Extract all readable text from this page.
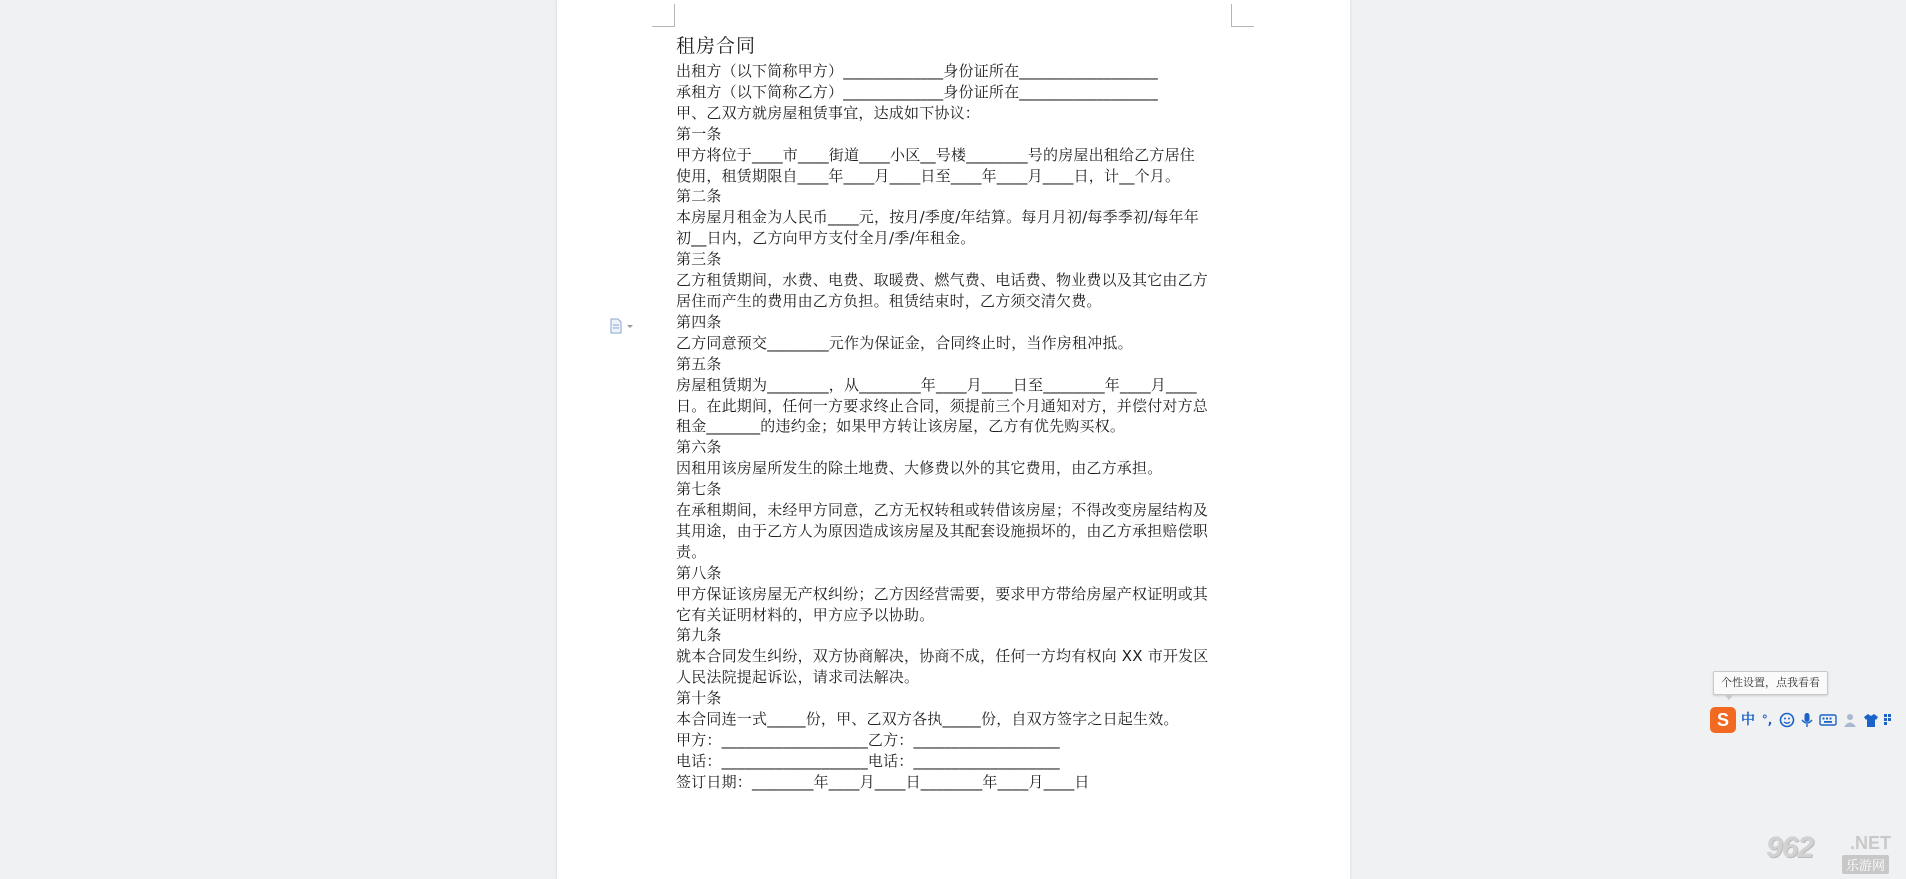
租房合同
出租方（以下简称甲方）_____________身份证所在__________________
承租方（以下简称乙方）_____________身份证所在__________________
甲、乙双方就房屋租赁事宜，达成如下协议：
第一条
甲方将位于____市____街道____小区__号楼________号的房屋出租给乙方居住
使用，租赁期限自____年____月____日至____年____月____日，计__个月。
第二条
本房屋月租金为人民币____元，按月/季度/年结算。每月月初/每季季初/每年年
初__日内，乙方向甲方支付全月/季/年租金。
第三条
乙方租赁期间，水费、电费、取暖费、燃气费、电话费、物业费以及其它由乙方
居住而产生的费用由乙方负担。租赁结束时，乙方须交清欠费。
第四条
乙方同意预交________元作为保证金，合同终止时，当作房租冲抵。
第五条
房屋租赁期为________，从________年____月____日至________年____月____
日。在此期间，任何一方要求终止合同，须提前三个月通知对方，并偿付对方总
租金_______的违约金；如果甲方转让该房屋，乙方有优先购买权。
第六条
因租用该房屋所发生的除土地费、大修费以外的其它费用，由乙方承担。
第七条
在承租期间，未经甲方同意，乙方无权转租或转借该房屋；不得改变房屋结构及
其用途，由于乙方人为原因造成该房屋及其配套设施损坏的，由乙方承担赔偿职
责。
第八条
甲方保证该房屋无产权纠纷；乙方因经营需要，要求甲方带给房屋产权证明或其
它有关证明材料的，甲方应予以协助。
第九条
就本合同发生纠纷，双方协商解决，协商不成，任何一方均有权向 XX 市开发区
人民法院提起诉讼，请求司法解决。
第十条
本合同连一式_____份，甲、乙双方各执_____份，自双方签字之日起生效。
甲方：___________________乙方：___________________
电话：___________________电话：___________________
签订日期：________年____月____日________年____月____日
个性设置，点我看看
S 中 °,
962 .NET
乐游网
